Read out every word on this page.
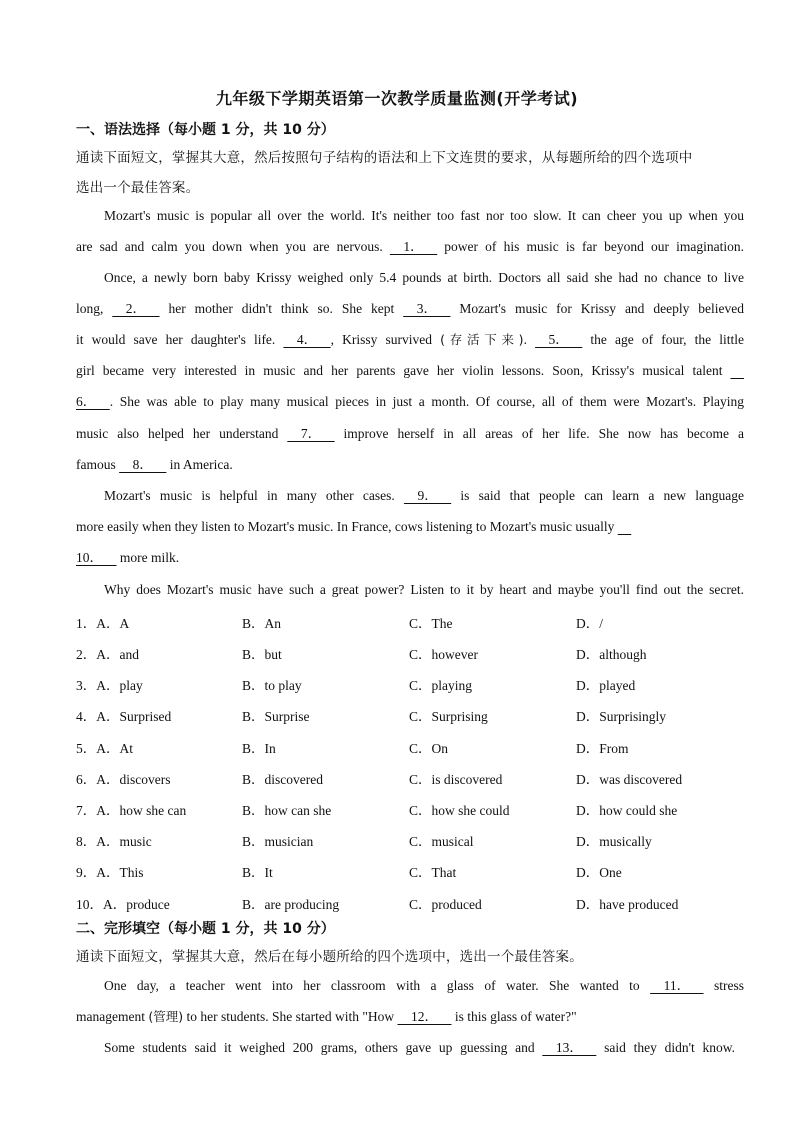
九年级下学期英语第一次教学质量监测(开学考试)
一、语法选择（每小题 1 分，共 10 分）
通读下面短文，掌握其大意，然后按照句子结构的语法和上下文连贯的要求，从每题所给的四个选项中
选出一个最佳答案。
Mozart's music is popular all over the world. It's neither too fast nor too slow. It can cheer you up when you
are sad and calm you down when you are nervous.     1．     power of his music is far beyond our imagination.
Once, a newly born baby Krissy weighed only 5.4 pounds at birth. Doctors all said she had no chance to live
long,     2．     her mother didn't think so. She kept     3．     Mozart's music for Krissy and deeply believed
it would save her daughter's life.     4．    , Krissy survived (存活下来).     5．     the age of four, the little
girl became very interested in music and her parents gave her violin lessons. Soon, Krissy's musical talent
6．    . She was able to play many musical pieces in just a month. Of course, all of them were Mozart's. Playing
music also helped her understand     7．     improve herself in all areas of her life. She now has become a
famous     8．     in America.
Mozart's music is helpful in many other cases.     9．     is said that people can learn a new language
more easily when they listen to Mozart's music. In France, cows listening to Mozart's music usually
10．     more milk.
Why does Mozart's music have such a great power? Listen to it by heart and maybe you'll find out the secret.
1．A．A	B．An	C．The	D．/
2．A．and	B．but	C．however	D．although
3．A．play	B．to play	C．playing	D．played
4．A．Surprised	B．Surprise	C．Surprising	D．Surprisingly
5．A．At	B．In	C．On	D．From
6．A．discovers	B．discovered	C．is discovered	D．was discovered
7．A．how she can	B．how can she	C．how she could	D．how could she
8．A．music	B．musician	C．musical	D．musically
9．A．This	B．It	C．That	D．One
10．A．produce	B．are producing	C．produced	D．have produced
二、完形填空（每小题 1 分，共 10 分）
通读下面短文，掌握其大意，然后在每小题所给的四个选项中，选出一个最佳答案。
One day, a teacher went into her classroom with a glass of water. She wanted to     11．     stress
management (管理) to her students. She started with "How     12．     is this glass of water?"
Some students said it weighed 200 grams, others gave up guessing and     13．     said they didn't know.
